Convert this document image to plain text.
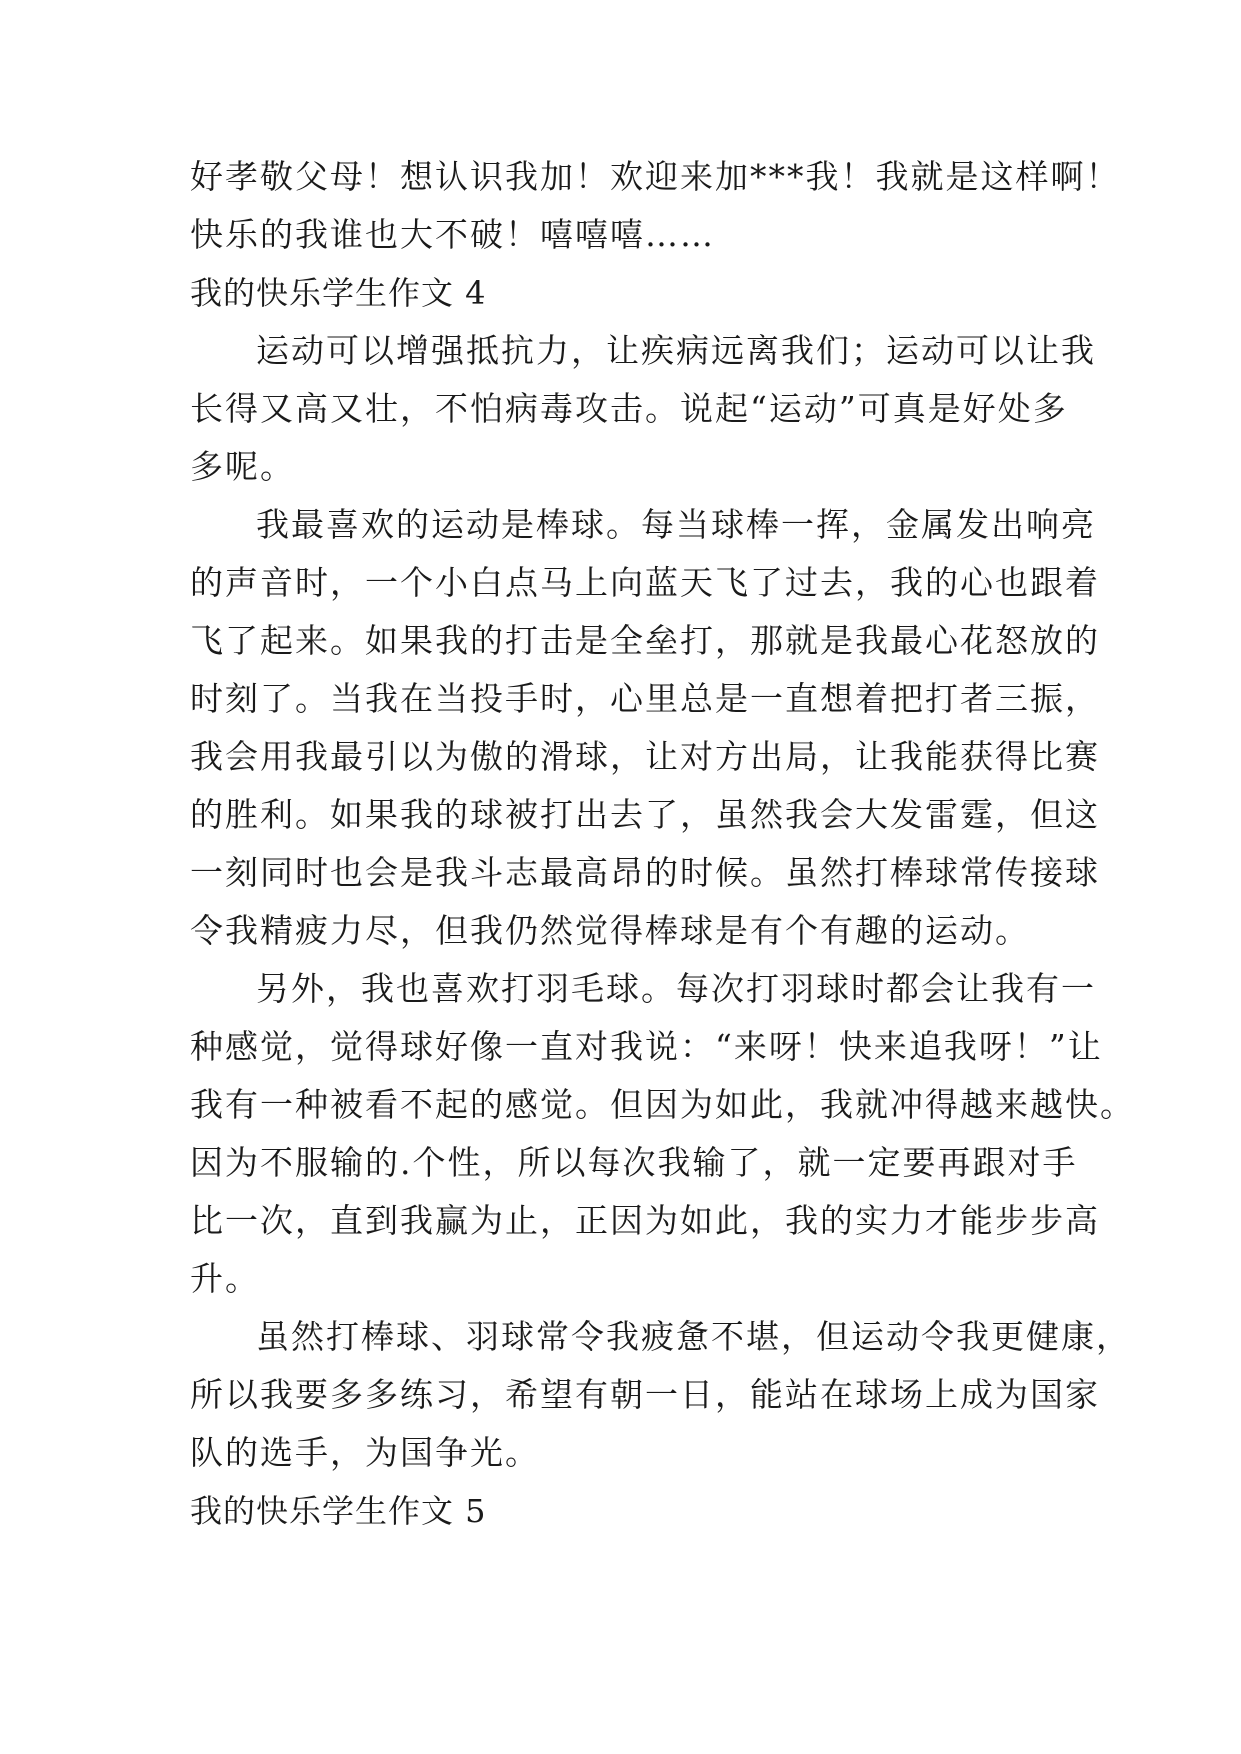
好孝敬父母！想认识我加！欢迎来加***我！我就是这样啊！
快乐的我谁也大不破！嘻嘻嘻……
我的快乐学生作文 4
运动可以增强抵抗力，让疾病远离我们；运动可以让我
长得又高又壮，不怕病毒攻击。说起“运动”可真是好处多
多呢。
我最喜欢的运动是棒球。每当球棒一挥，金属发出响亮
的声音时，一个小白点马上向蓝天飞了过去，我的心也跟着
飞了起来。如果我的打击是全垒打，那就是我最心花怒放的
时刻了。当我在当投手时，心里总是一直想着把打者三振，
我会用我最引以为傲的滑球，让对方出局，让我能获得比赛
的胜利。如果我的球被打出去了，虽然我会大发雷霆，但这
一刻同时也会是我斗志最高昂的时候。虽然打棒球常传接球
令我精疲力尽，但我仍然觉得棒球是有个有趣的运动。
另外，我也喜欢打羽毛球。每次打羽球时都会让我有一
种感觉，觉得球好像一直对我说：“来呀！快来追我呀！”让
我有一种被看不起的感觉。但因为如此，我就冲得越来越快。
因为不服输的.个性，所以每次我输了，就一定要再跟对手
比一次，直到我赢为止，正因为如此，我的实力才能步步高
升。
虽然打棒球、羽球常令我疲惫不堪，但运动令我更健康，
所以我要多多练习，希望有朝一日，能站在球场上成为国家
队的选手，为国争光。
我的快乐学生作文 5
